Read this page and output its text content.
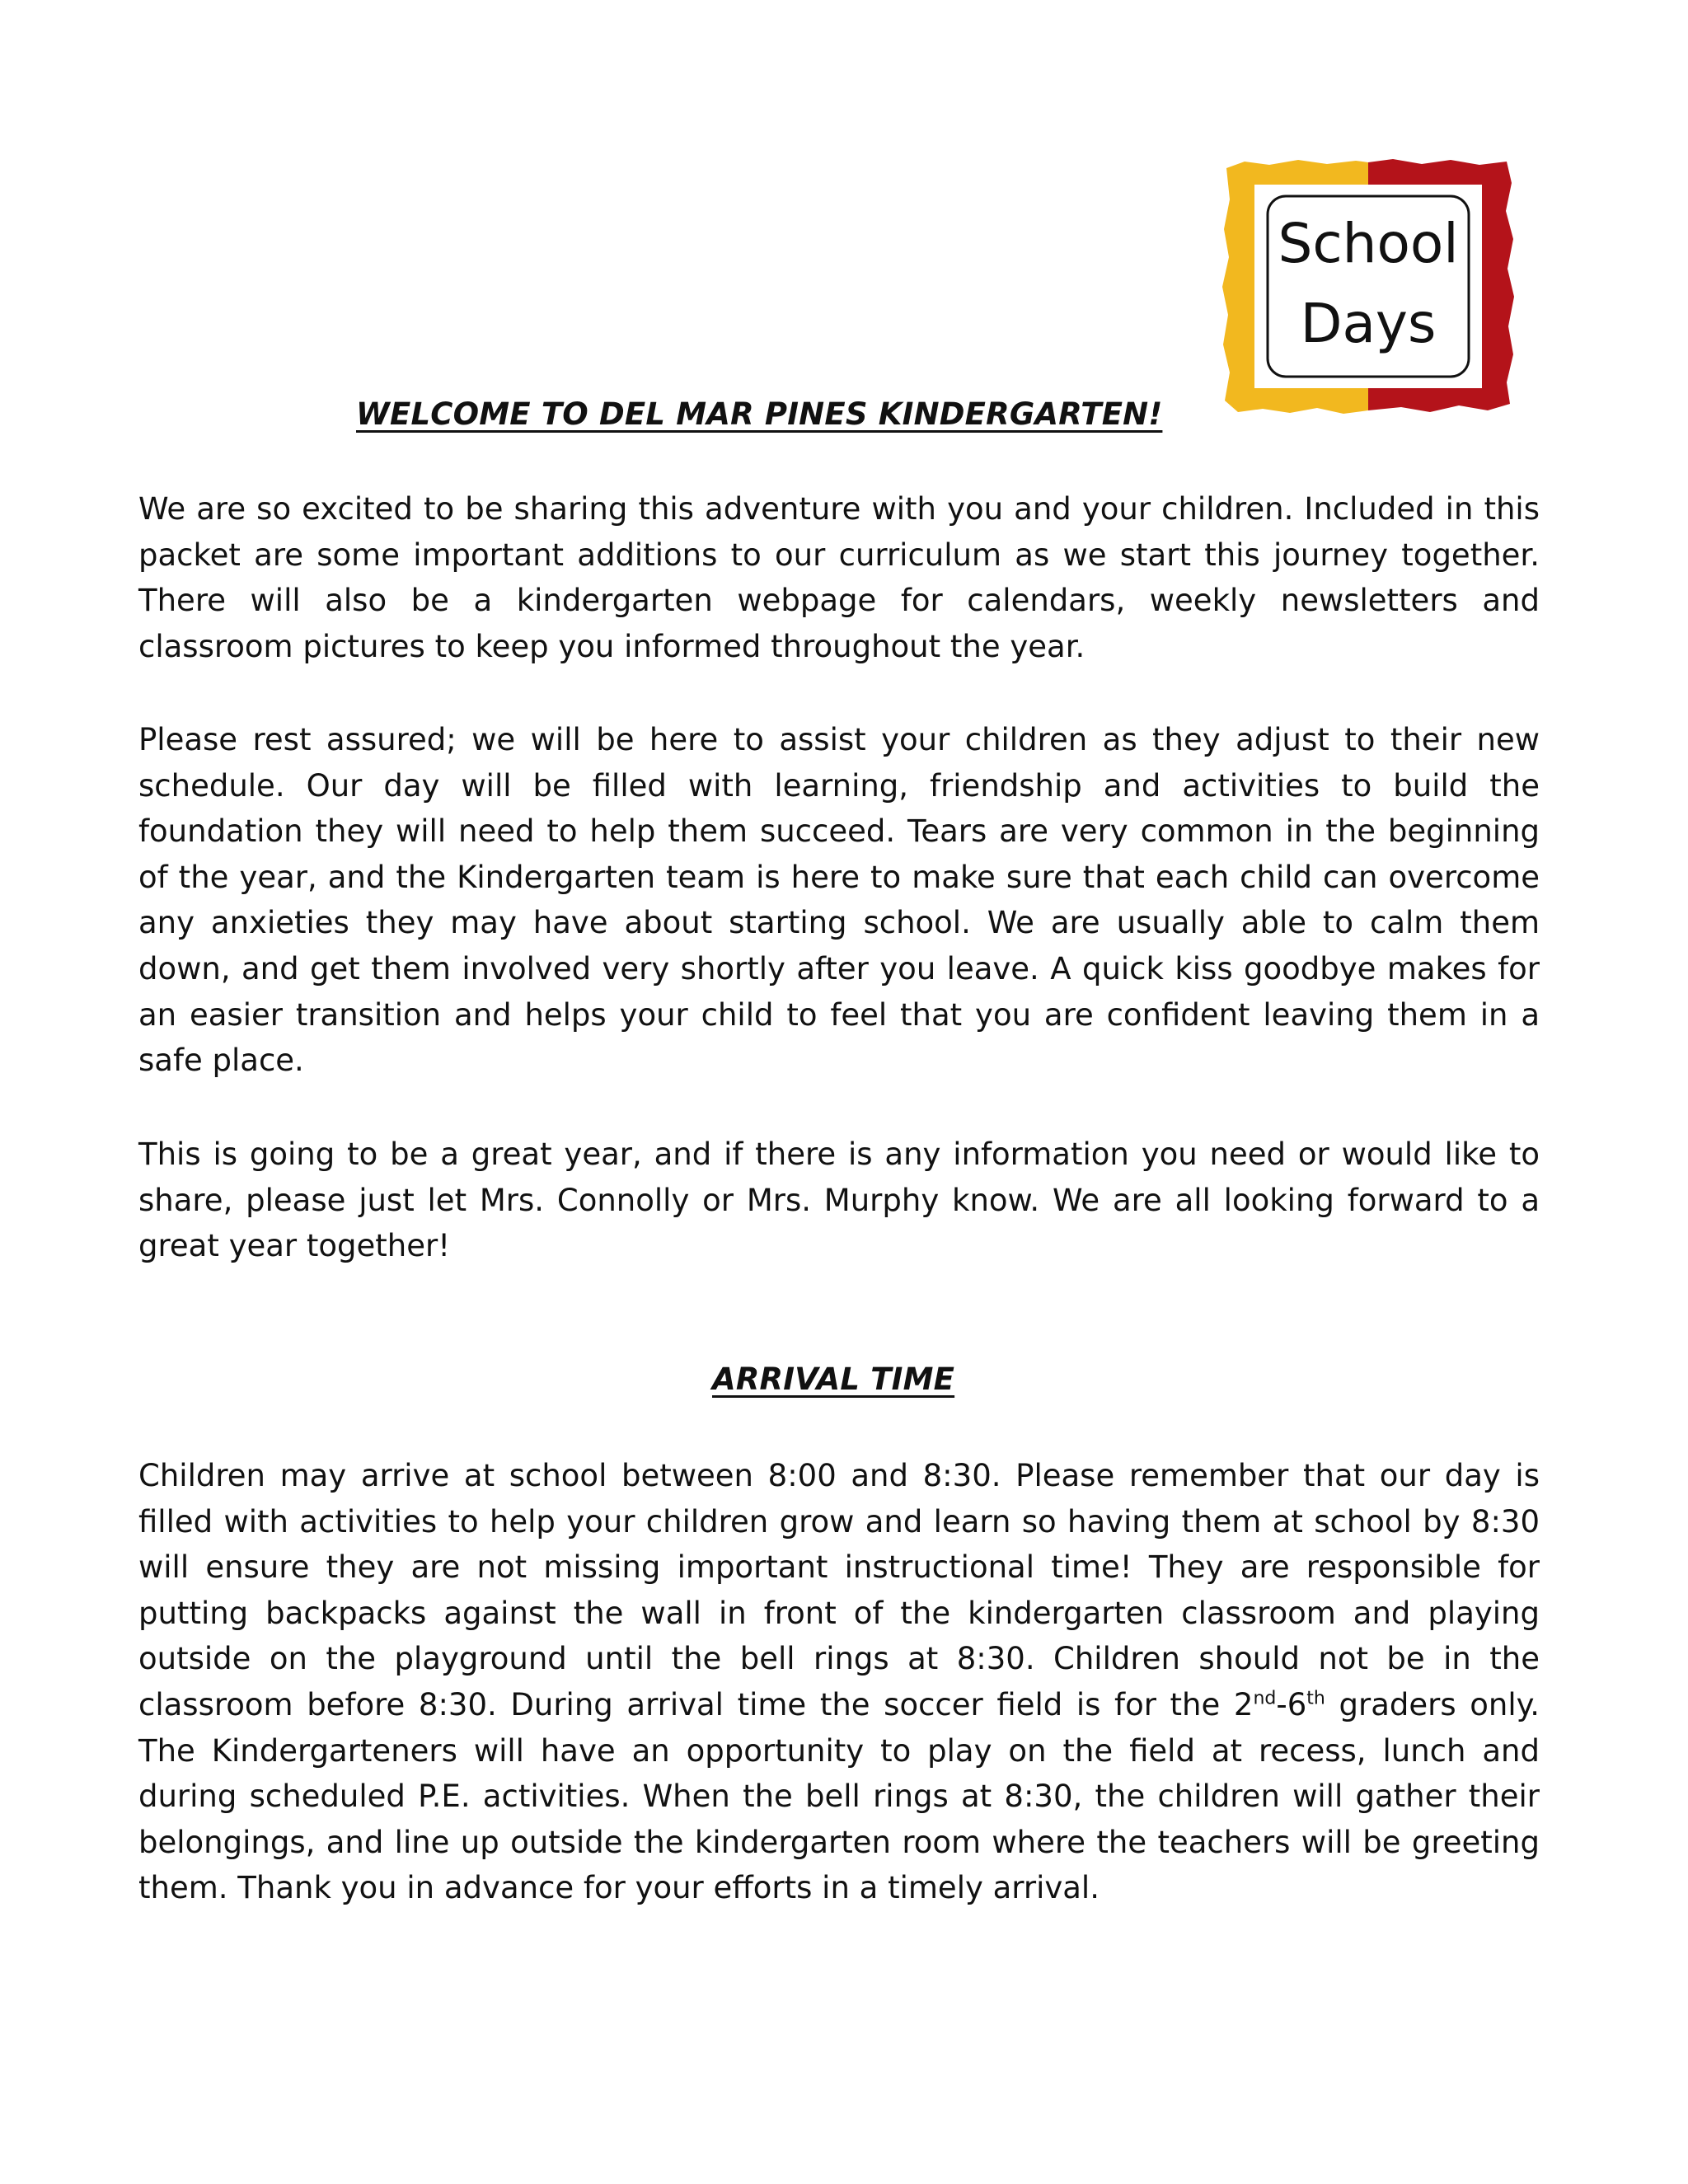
School
Days
WELCOME TO DEL MAR PINES KINDERGARTEN!

We are so excited to be sharing this adventure with you and your children. Included in this packet are some important additions to our curriculum as we start this journey together. There will also be a kindergarten webpage for calendars, weekly newsletters and classroom pictures to keep you informed throughout the year.

Please rest assured; we will be here to assist your children as they adjust to their new schedule. Our day will be filled with learning, friendship and activities to build the foundation they will need to help them succeed. Tears are very common in the beginning of the year, and the Kindergarten team is here to make sure that each child can overcome any anxieties they may have about starting school. We are usually able to calm them down, and get them involved very shortly after you leave. A quick kiss goodbye makes for an easier transition and helps your child to feel that you are confident leaving them in a safe place.

This is going to be a great year, and if there is any information you need or would like to share, please just let Mrs. Connolly or Mrs. Murphy know. We are all looking forward to a great year together!

ARRIVAL TIME

Children may arrive at school between 8:00 and 8:30. Please remember that our day is filled with activities to help your children grow and learn so having them at school by 8:30 will ensure they are not missing important instructional time! They are responsible for putting backpacks against the wall in front of the kindergarten classroom and playing outside on the playground until the bell rings at 8:30. Children should not be in the classroom before 8:30. During arrival time the soccer field is for the 2nd-6th graders only. The Kindergarteners will have an opportunity to play on the field at recess, lunch and during scheduled P.E. activities. When the bell rings at 8:30, the children will gather their belongings, and line up outside the kindergarten room where the teachers will be greeting them. Thank you in advance for your efforts in a timely arrival.
